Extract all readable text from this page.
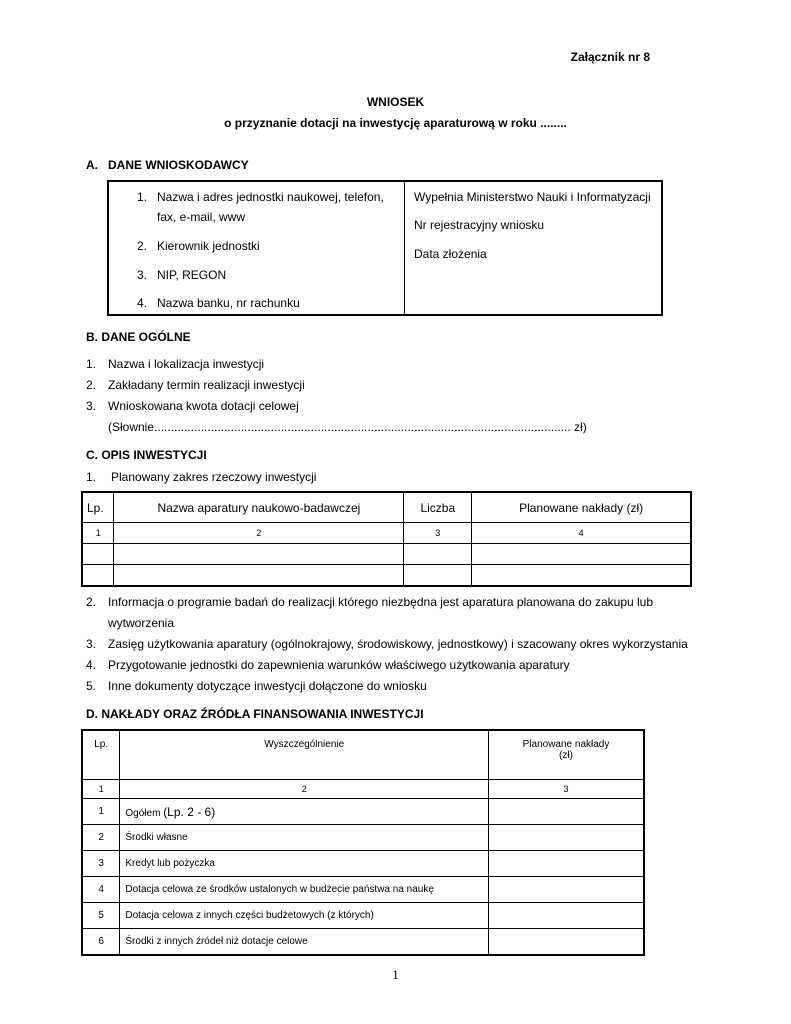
Załącznik nr 8
WNIOSEK
o przyznanie dotacji na inwestycję aparaturową w roku ........
A.   DANE WNIOSKODAWCY
1. Nazwa i adres jednostki naukowej, telefon,
fax, e-mail, www
2. Kierownik jednostki
3. NIP, REGON
4. Nazwa banku, nr rachunku
Wypełnia Ministerstwo Nauki i Informatyzacji
Nr rejestracyjny wniosku
Data złożenia
B. DANE OGÓLNE
1. Nazwa i lokalizacja inwestycji
2. Zakładany termin realizacji inwestycji
3. Wnioskowana kwota dotacji celowej
(Słownie............................................................................................................................. zł)
C. OPIS INWESTYCJI
1. Planowany zakres rzeczowy inwestycji
Lp.	Nazwa aparatury naukowo-badawczej	Liczba	Planowane nakłady (zł)
1	2	3	4

2. Informacja o programie badań do realizacji którego niezbędna jest aparatura planowana do zakupu lub
wytworzenia
3. Zasięg użytkowania aparatury (ogólnokrajowy, środowiskowy, jednostkowy) i szacowany okres wykorzystania
4. Przygotowanie jednostki do zapewnienia warunków właściwego użytkowania aparatury
5. Inne dokumenty dotyczące inwestycji dołączone do wniosku
D. NAKŁADY ORAZ ŹRÓDŁA FINANSOWANIA INWESTYCJI
Lp.	Wyszczególnienie	Planowane nakłady
(zł)
1	2	3
1	Ogółem (Lp. 2 - 6)	
2	Środki własne	
3	Kredyt lub pożyczka	
4	Dotacja celowa ze środków ustalonych w budżecie państwa na naukę	
5	Dotacja celowa z innych części budżetowych (z których)	
6	Środki z innych źródeł niż dotacje celowe	
1
